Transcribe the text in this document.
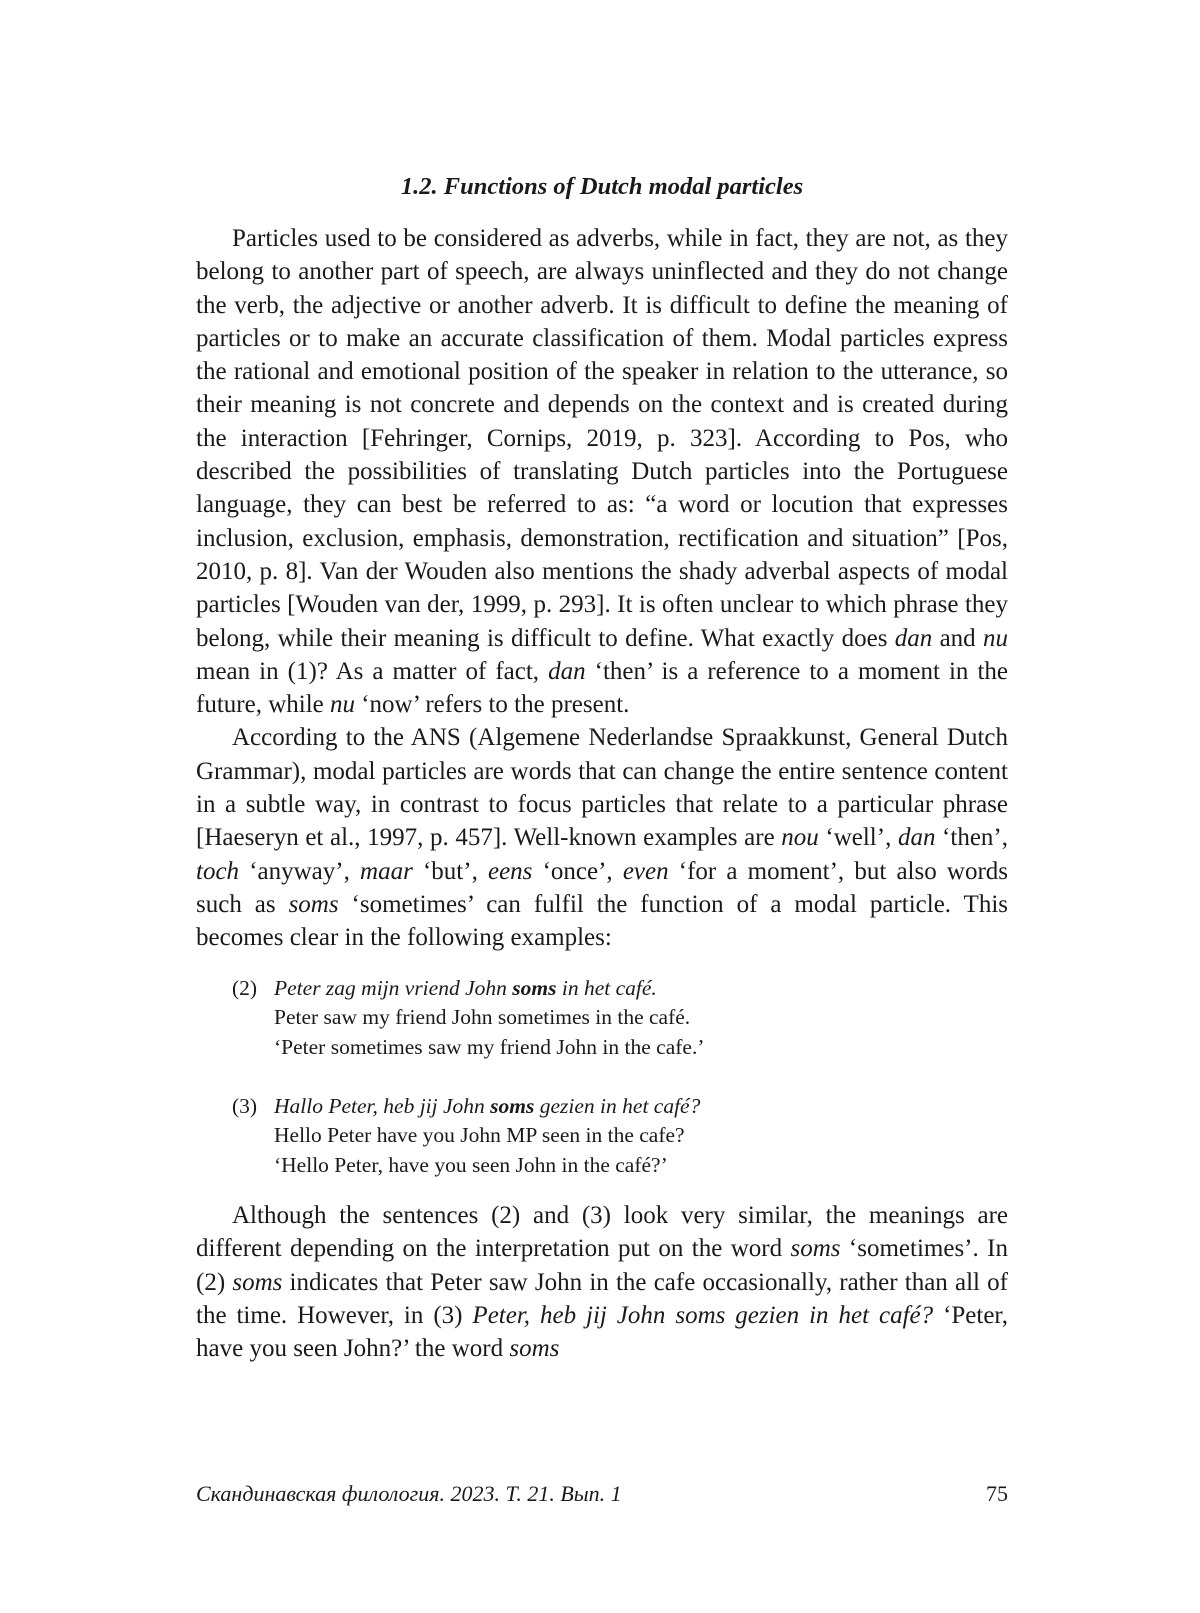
1.2. Functions of Dutch modal particles

Particles used to be considered as adverbs, while in fact, they are not, as they belong to another part of speech, are always uninflected and they do not change the verb, the adjective or another adverb. It is difficult to define the meaning of particles or to make an accurate classification of them. Modal particles express the rational and emotional position of the speaker in relation to the utterance, so their meaning is not concrete and depends on the context and is created during the interaction [Fehringer, Cornips, 2019, p. 323]. According to Pos, who described the possibilities of translating Dutch particles into the Portuguese language, they can best be referred to as: “a word or locution that expresses inclusion, exclusion, emphasis, demonstration, rectification and situation” [Pos, 2010, p. 8]. Van der Wouden also mentions the shady adverbal aspects of modal particles [Wouden van der, 1999, p. 293]. It is often unclear to which phrase they belong, while their meaning is difficult to define. What exactly does dan and nu mean in (1)? As a matter of fact, dan ‘then’ is a reference to a moment in the future, while nu ‘now’ refers to the present.

According to the ANS (Algemene Nederlandse Spraakkunst, General Dutch Grammar), modal particles are words that can change the entire sentence content in a subtle way, in contrast to focus particles that relate to a particular phrase [Haeseryn et al., 1997, p. 457]. Well-known examples are nou ‘well’, dan ‘then’, toch ‘anyway’, maar ‘but’, eens ‘once’, even ‘for a moment’, but also words such as soms ‘sometimes’ can fulfil the function of a modal particle. This becomes clear in the following examples:

(2) Peter zag mijn vriend John soms in het café.
Peter saw my friend John sometimes in the café.
‘Peter sometimes saw my friend John in the cafe.’
(3) Hallo Peter, heb jij John soms gezien in het café?
Hello Peter have you John MP seen in the cafe?
‘Hello Peter, have you seen John in the café?’

Although the sentences (2) and (3) look very similar, the meanings are different depending on the interpretation put on the word soms ‘sometimes’. In (2) soms indicates that Peter saw John in the cafe occasionally, rather than all of the time. However, in (3) Peter, heb jij John soms gezien in het café? ‘Peter, have you seen John?’ the word soms

Скандинавская филология. 2023. Т. 21. Вып. 1	75
